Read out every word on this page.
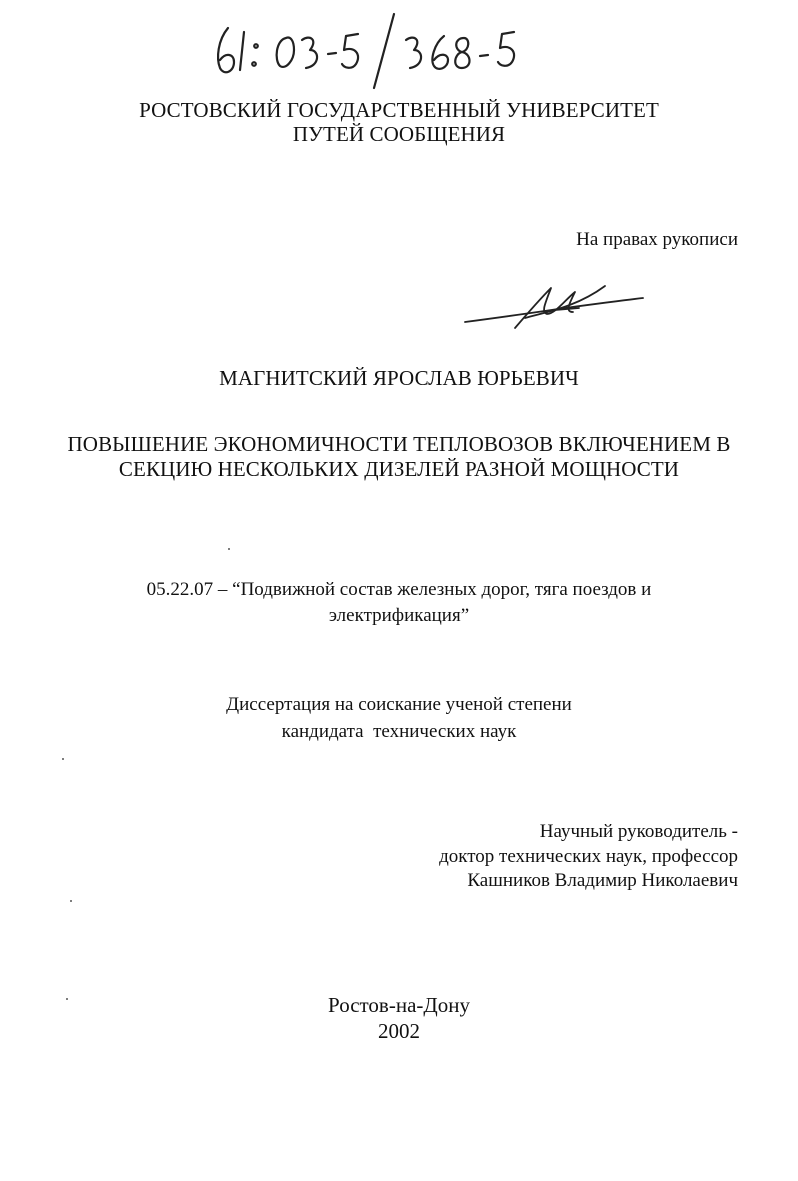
РОСТОВСКИЙ ГОСУДАРСТВЕННЫЙ УНИВЕРСИТЕТ
ПУТЕЙ СООБЩЕНИЯ
На правах рукописи
МАГНИТСКИЙ ЯРОСЛАВ ЮРЬЕВИЧ
ПОВЫШЕНИЕ ЭКОНОМИЧНОСТИ ТЕПЛОВОЗОВ ВКЛЮЧЕНИЕМ В
СЕКЦИЮ НЕСКОЛЬКИХ ДИЗЕЛЕЙ РАЗНОЙ МОЩНОСТИ
05.22.07 – “Подвижной состав железных дорог, тяга поездов и
электрификация”
Диссертация на соискание ученой степени
кандидата  технических наук
Научный руководитель -
доктор технических наук, профессор
Кашников Владимир Николаевич
Ростов-на-Дону
2002
